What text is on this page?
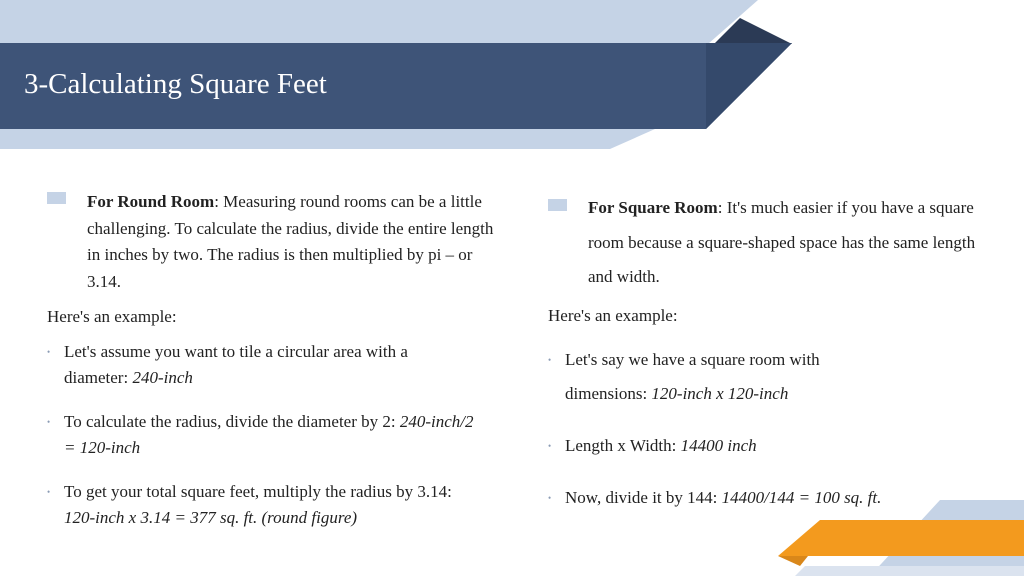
3-Calculating Square Feet
For Round Room: Measuring round rooms can be a little challenging. To calculate the radius, divide the entire length in inches by two. The radius is then multiplied by pi – or 3.14.
Here's an example:
• Let's assume you want to tile a circular area with a diameter: 240-inch
• To calculate the radius, divide the diameter by 2: 240-inch/2 = 120-inch
• To get your total square feet, multiply the radius by 3.14: 120-inch x 3.14 = 377 sq. ft. (round figure)
For Square Room: It's much easier if you have a square room because a square-shaped space has the same length and width.
Here's an example:
• Let's say we have a square room with dimensions: 120-inch x 120-inch
• Length x Width: 14400 inch
• Now, divide it by 144: 14400/144 = 100 sq. ft.
